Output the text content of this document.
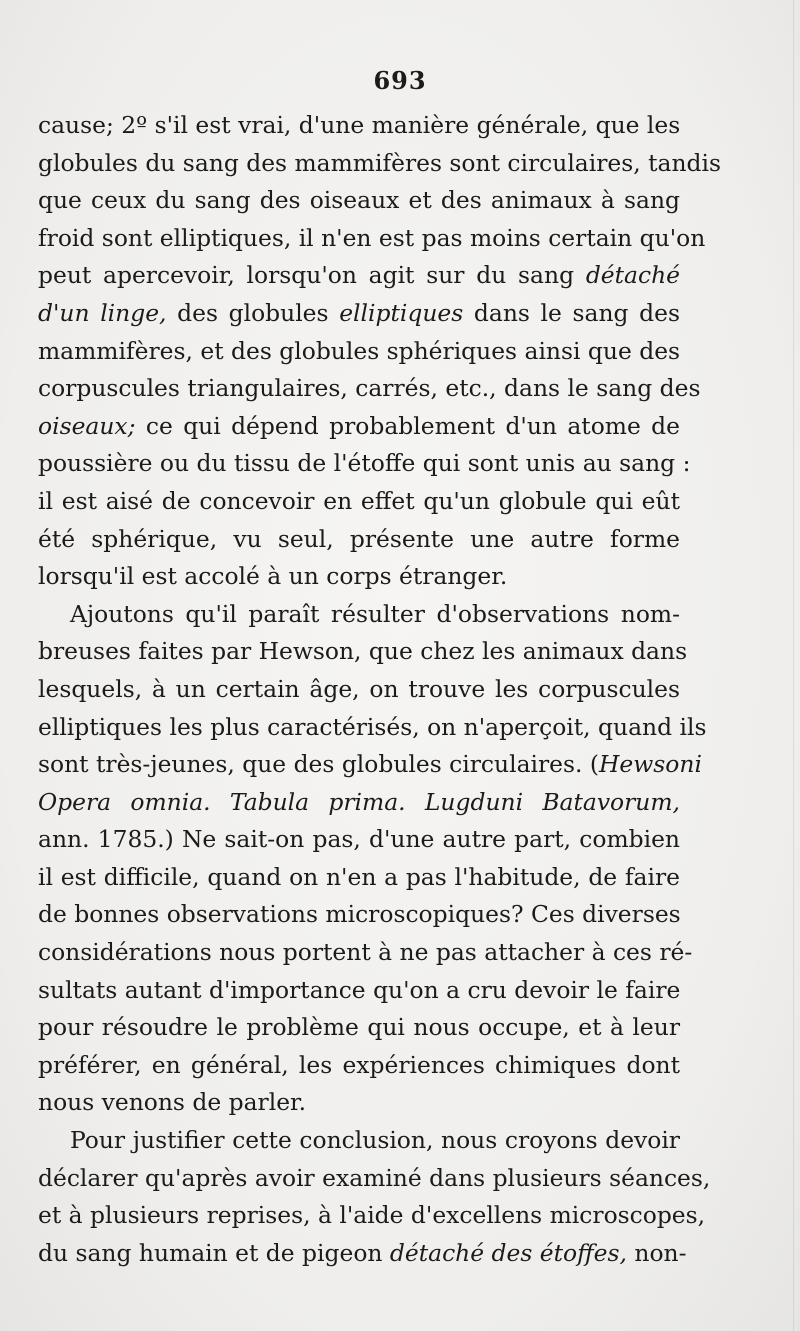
693
cause; 2º s'il est vrai, d'une manière générale, que les
globules du sang des mammifères sont circulaires, tandis
que ceux du sang des oiseaux et des animaux à sang
froid sont elliptiques, il n'en est pas moins certain qu'on
peut apercevoir, lorsqu'on agit sur du sang détaché
d'un linge, des globules elliptiques dans le sang des
mammifères, et des globules sphériques ainsi que des
corpuscules triangulaires, carrés, etc., dans le sang des
oiseaux; ce qui dépend probablement d'un atome de
poussière ou du tissu de l'étoffe qui sont unis au sang :
il est aisé de concevoir en effet qu'un globule qui eût
été sphérique, vu seul, présente une autre forme
lorsqu'il est accolé à un corps étranger.
Ajoutons qu'il paraît résulter d'observations nom-
breuses faites par Hewson, que chez les animaux dans
lesquels, à un certain âge, on trouve les corpuscules
elliptiques les plus caractérisés, on n'aperçoit, quand ils
sont très-jeunes, que des globules circulaires. (Hewsoni
Opera omnia. Tabula prima. Lugduni Batavorum,
ann. 1785.) Ne sait-on pas, d'une autre part, combien
il est difficile, quand on n'en a pas l'habitude, de faire
de bonnes observations microscopiques? Ces diverses
considérations nous portent à ne pas attacher à ces ré-
sultats autant d'importance qu'on a cru devoir le faire
pour résoudre le problème qui nous occupe, et à leur
préférer, en général, les expériences chimiques dont
nous venons de parler.
Pour justifier cette conclusion, nous croyons devoir
déclarer qu'après avoir examiné dans plusieurs séances,
et à plusieurs reprises, à l'aide d'excellens microscopes,
du sang humain et de pigeon détaché des étoffes, non-
